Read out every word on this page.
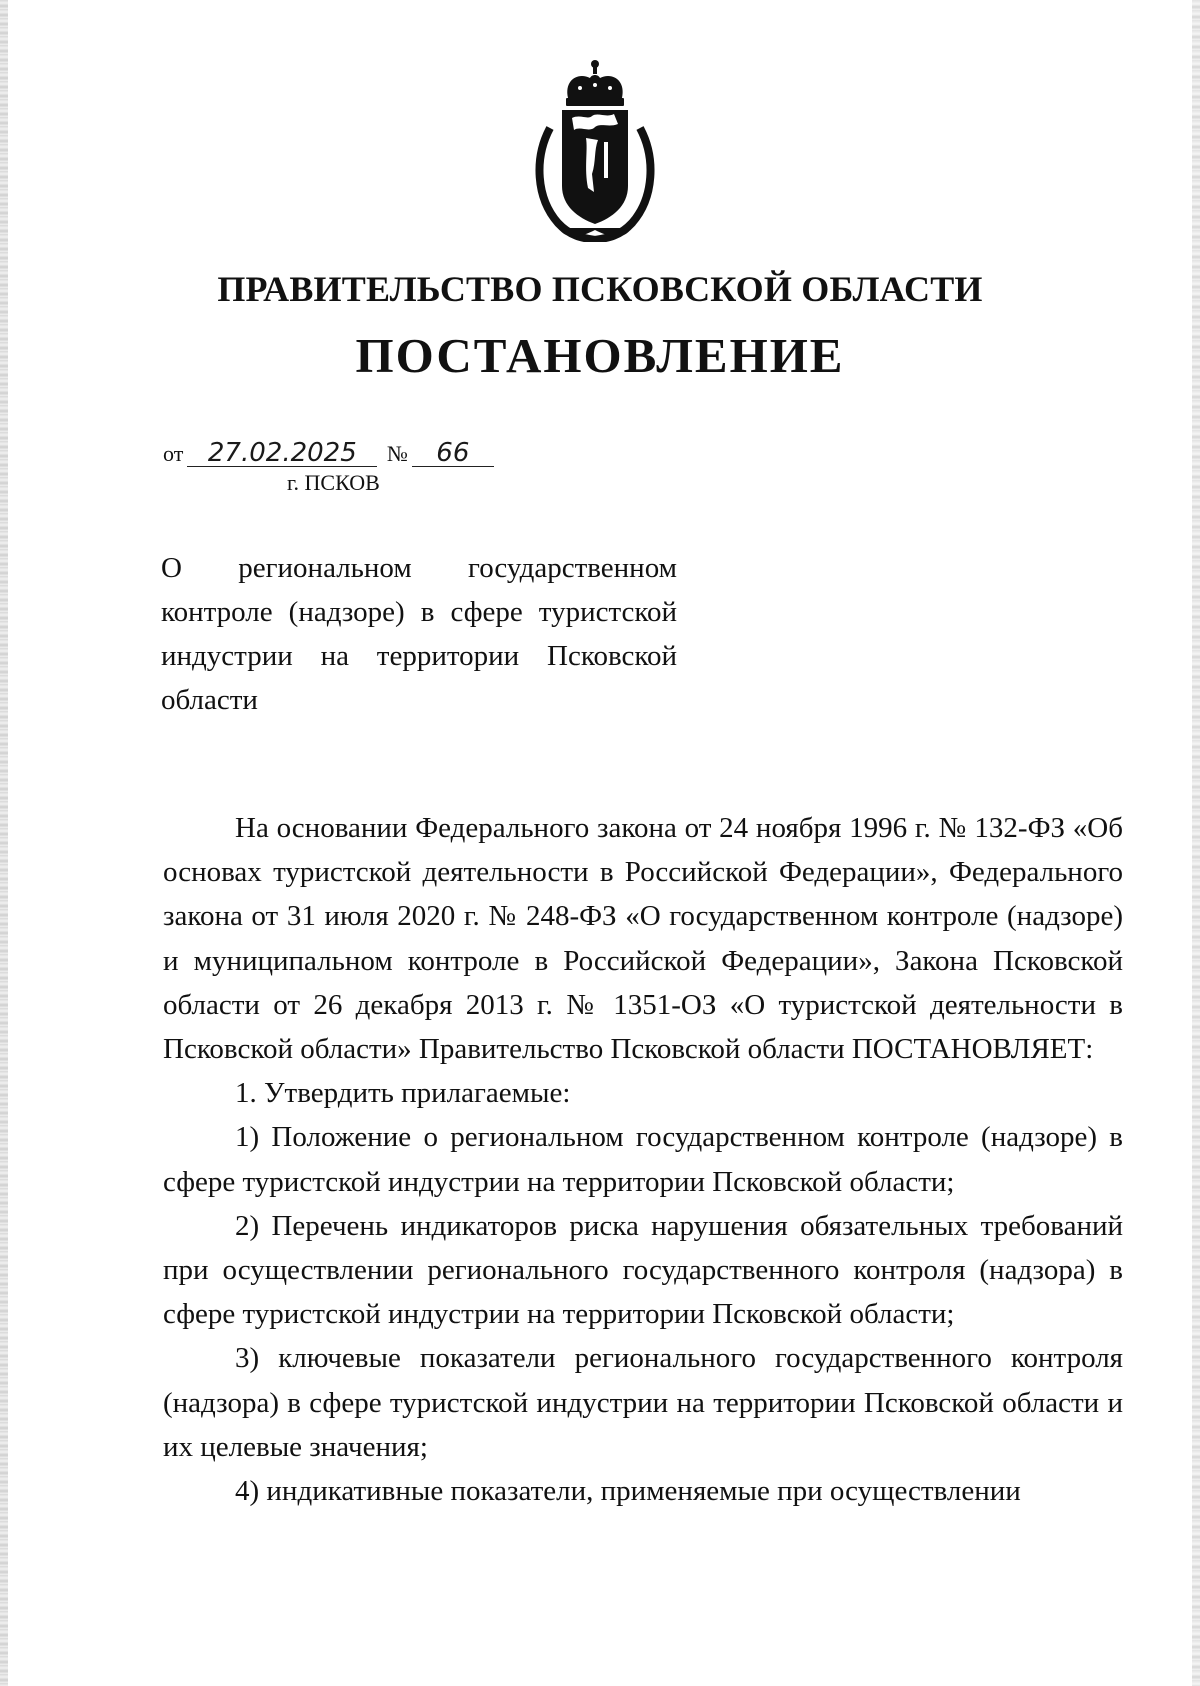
ПРАВИТЕЛЬСТВО ПСКОВСКОЙ ОБЛАСТИ
ПОСТАНОВЛЕНИЕ
от 27.02.2025 № 66
г. ПСКОВ
О региональном государственном контроле (надзоре) в сфере туристской индустрии на территории Псковской области

На основании Федерального закона от 24 ноября 1996 г. № 132-ФЗ «Об основах туристской деятельности в Российской Федерации», Федерального закона от 31 июля 2020 г. № 248-ФЗ «О государственном контроле (надзоре) и муниципальном контроле в Российской Федерации», Закона Псковской области от 26 декабря 2013 г. № 1351-ОЗ «О туристской деятельности в Псковской области» Правительство Псковской области ПОСТАНОВЛЯЕТ:

1. Утвердить прилагаемые:

1) Положение о региональном государственном контроле (надзоре) в сфере туристской индустрии на территории Псковской области;

2) Перечень индикаторов риска нарушения обязательных требований при осуществлении регионального государственного контроля (надзора) в сфере туристской индустрии на территории Псковской области;

3) ключевые показатели регионального государственного контроля (надзора) в сфере туристской индустрии на территории Псковской области и их целевые значения;

4) индикативные показатели, применяемые при осуществлении
